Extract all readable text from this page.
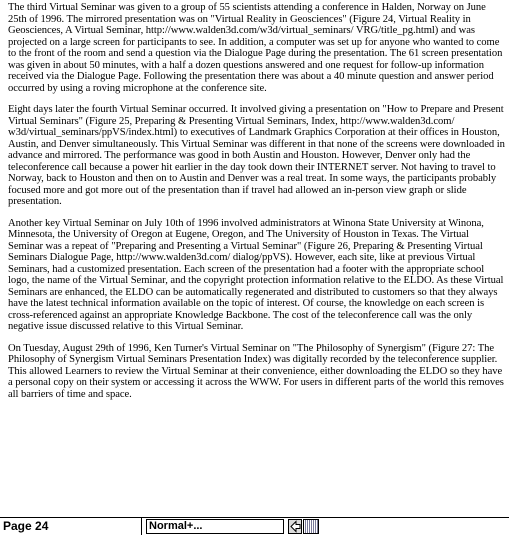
The third Virtual Seminar was given to a group of 55 scientists attending a conference in Halden, Norway on June 25th of 1996. The mirrored presentation was on "Virtual Reality in Geosciences" (Figure 24, Virtual Reality in Geosciences, A Virtual Seminar, http://www.walden3d.com/w3d/virtual_seminars/ VRG/title_pg.html) and was projected on a large screen for participants to see. In addition, a computer was set up for anyone who wanted to come to the front of the room and send a question via the Dialogue Page during the presentation. The 61 screen presentation was given in about 50 minutes, with a half a dozen questions answered and one request for follow-up information received via the Dialogue Page. Following the presentation there was about a 40 minute question and answer period occurred by using a roving microphone at the conference site.

Eight days later the fourth Virtual Seminar occurred. It involved giving a presentation on "How to Prepare and Present Virtual Seminars" (Figure 25, Preparing & Presenting Virtual Seminars, Index, http://www.walden3d.com/ w3d/virtual_seminars/ppVS/index.html) to executives of Landmark Graphics Corporation at their offices in Houston, Austin, and Denver simultaneously. This Virtual Seminar was different in that none of the screens were downloaded in advance and mirrored. The performance was good in both Austin and Houston. However, Denver only had the teleconference call because a power hit earlier in the day took down their INTERNET server. Not having to travel to Norway, back to Houston and then on to Austin and Denver was a real treat. In some ways, the participants probably focused more and got more out of the presentation than if travel had allowed an in-person view graph or slide presentation.

Another key Virtual Seminar on July 10th of 1996 involved administrators at Winona State University at Winona, Minnesota, the University of Oregon at Eugene, Oregon, and The University of Houston in Texas. The Virtual Seminar was a repeat of "Preparing and Presenting a Virtual Seminar" (Figure 26, Preparing & Presenting Virtual Seminars Dialogue Page, http://www.walden3d.com/ dialog/ppVS). However, each site, like at previous Virtual Seminars, had a customized presentation. Each screen of the presentation had a footer with the appropriate school logo, the name of the Virtual Seminar, and the copyright protection information relative to the ELDO. As these Virtual Seminars are enhanced, the ELDO can be automatically regenerated and distributed to customers so that they always have the latest technical information available on the topic of interest. Of course, the knowledge on each screen is cross-referenced against an appropriate Knowledge Backbone. The cost of the teleconference call was the only negative issue discussed relative to this Virtual Seminar.

On Tuesday, August 29th of 1996, Ken Turner's Virtual Seminar on "The Philosophy of Synergism" (Figure 27: The Philosophy of Synergism Virtual Seminars Presentation Index) was digitally recorded by the teleconference supplier. This allowed Learners to review the Virtual Seminar at their convenience, either downloading the ELDO so they have a personal copy on their system or accessing it across the WWW. For users in different parts of the world this removes all barriers of time and space.

Page 24	Normal+...
